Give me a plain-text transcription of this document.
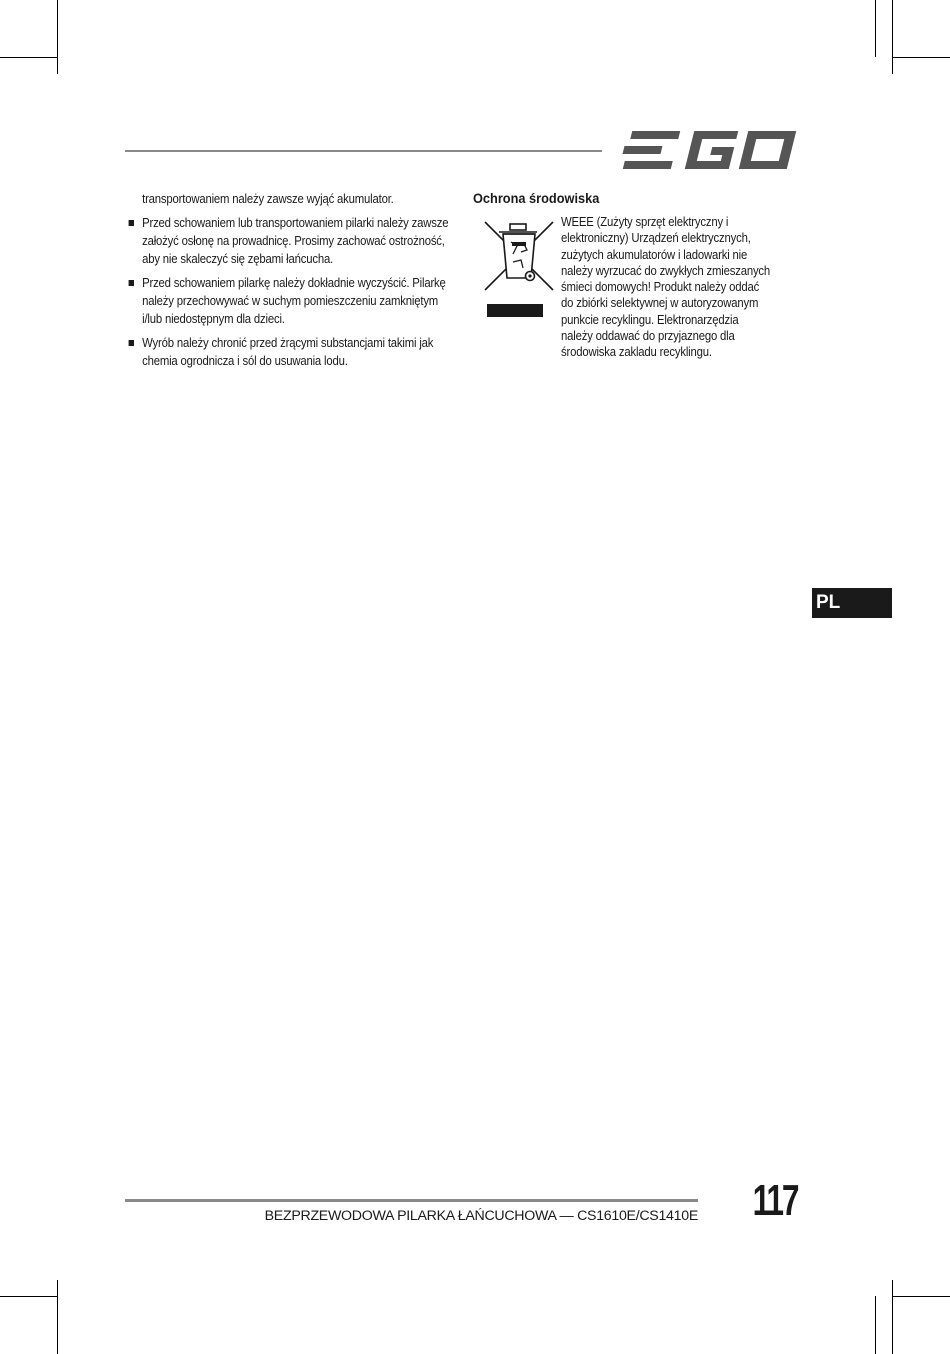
transportowaniem należy zawsze wyjąć akumulator.

Przed schowaniem lub transportowaniem pilarki należy zawsze założyć osłonę na prowadnicę. Prosimy zachować ostrożność, aby nie skaleczyć się zębami łańcucha.
Przed schowaniem pilarkę należy dokładnie wyczyścić. Pilarkę należy przechowywać w suchym pomieszczeniu zamkniętym i/lub niedostępnym dla dzieci.
Wyrób należy chronić przed żrącymi substancjami takimi jak chemia ogrodnicza i sól do usuwania lodu.
Ochrona środowiska
WEEE (Zużyty sprzęt elektryczny i
elektroniczny) Urządzeń elektrycznych,
zużytych akumulatorów i ladowarki nie
należy wyrzucać do zwykłych zmieszanych
śmieci domowych! Produkt należy oddać
do zbiórki selektywnej w autoryzowanym
punkcie recyklingu. Elektronarzędzia
należy oddawać do przyjaznego dla
środowiska zakladu recyklingu.
PL
BEZPRZEWODOWA PILARKA ŁAŃCUCHOWA — CS1610E/CS1410E 117
